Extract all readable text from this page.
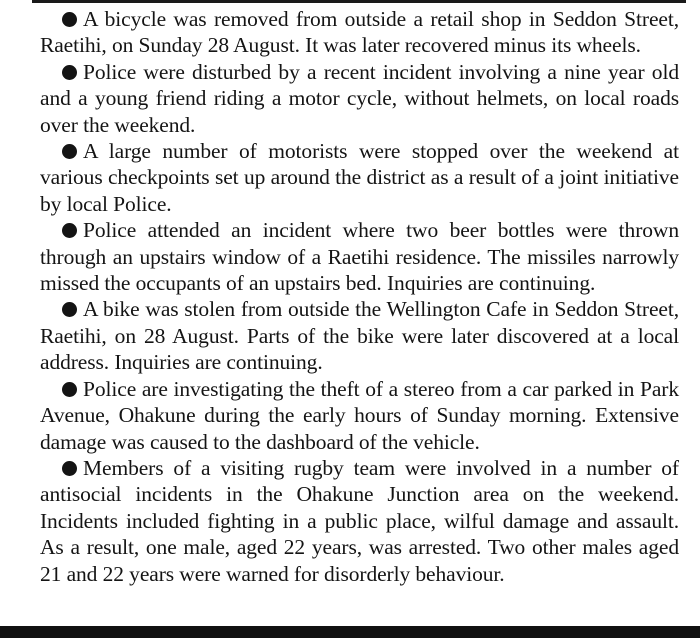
A bicycle was removed from outside a retail shop in Seddon Street, Raetihi, on Sunday 28 August. It was later recovered minus its wheels.

Police were disturbed by a recent incident involving a nine year old and a young friend riding a motor cycle, without helmets, on local roads over the weekend.

A large number of motorists were stopped over the weekend at various checkpoints set up around the district as a result of a joint initiative by local Police.

Police attended an incident where two beer bottles were thrown through an upstairs window of a Raetihi residence. The missiles narrowly missed the occupants of an upstairs bed. Inquiries are continuing.

A bike was stolen from outside the Wellington Cafe in Seddon Street, Raetihi, on 28 August. Parts of the bike were later discovered at a local address. Inquiries are continuing.

Police are investigating the theft of a stereo from a car parked in Park Avenue, Ohakune during the early hours of Sunday morning. Extensive damage was caused to the dashboard of the vehicle.

Members of a visiting rugby team were involved in a number of antisocial incidents in the Ohakune Junction area on the weekend. Incidents included fighting in a public place, wilful damage and assault. As a result, one male, aged 22 years, was arrested. Two other males aged 21 and 22 years were warned for disorderly behaviour.
